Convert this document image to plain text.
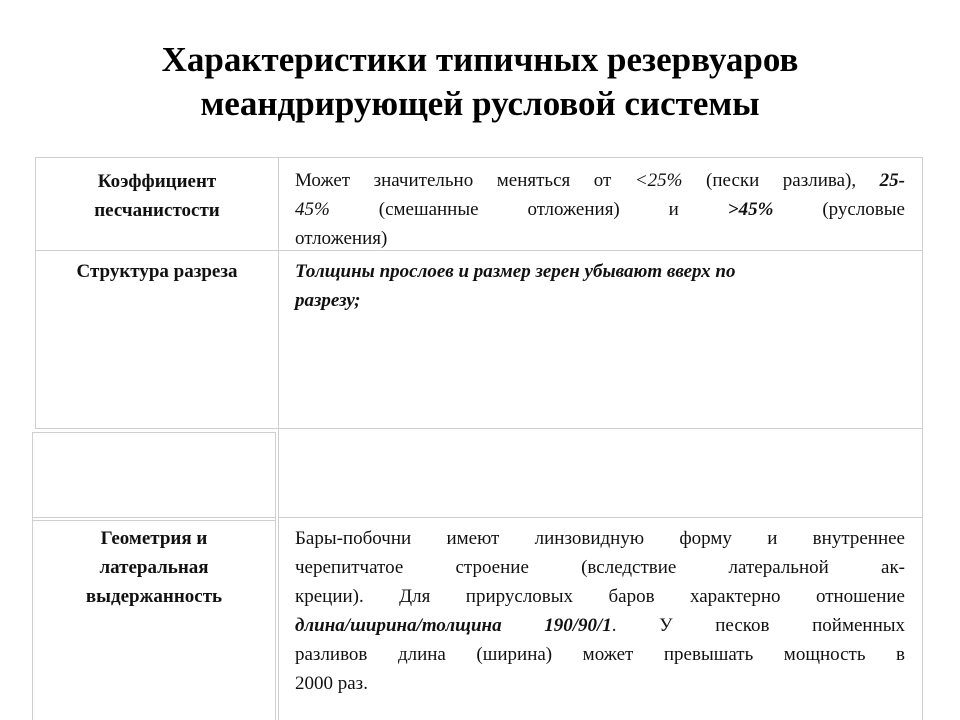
Характеристики типичных резервуаров
меандрирующей русловой системы
Коэффициент
песчанистости
Может значительно меняться от <25% (пески разлива), 25-
45% (смешанные отложения) и >45% (русловые
отложения)
Структура разреза	Толщины прослоев и размер зерен убывают вверх по
разрезу;
Геометрия и
латеральная
выдержанность
Бары-побочни имеют линзовидную форму и внутреннее
черепитчатое строение (вследствие латеральной ак-
креции). Для прирусловых баров характерно отношение
длина/ширина/толщина 190/90/1. У песков пойменных
разливов длина (ширина) может превышать мощность в
2000 раз.
